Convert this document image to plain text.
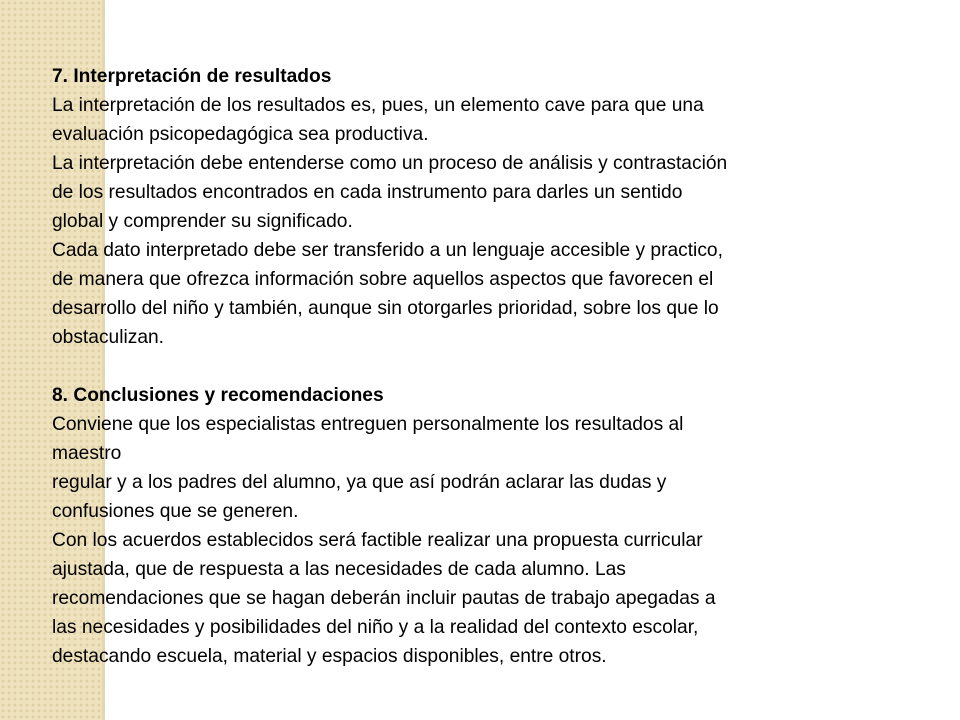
7. Interpretación de resultados

La interpretación de los resultados es, pues, un elemento cave para que una

evaluación psicopedagógica sea productiva.

La interpretación debe entenderse como un proceso de análisis y contrastación

de los resultados encontrados en cada instrumento para darles un sentido

global y comprender su significado.

Cada dato interpretado debe ser transferido a un lenguaje accesible y practico,

de manera que ofrezca información sobre aquellos aspectos que favorecen el

desarrollo del niño y también, aunque sin otorgarles prioridad, sobre los que lo

obstaculizan.

8. Conclusiones y recomendaciones

Conviene que los especialistas entreguen personalmente los resultados al

maestro

regular y a los padres del alumno, ya que así podrán aclarar las dudas y

confusiones que se generen.

Con los acuerdos establecidos será factible realizar una propuesta curricular

ajustada, que de respuesta a las necesidades de cada alumno. Las

recomendaciones que se hagan deberán incluir pautas de trabajo apegadas a

las necesidades y posibilidades del niño y a la realidad del contexto escolar,

destacando escuela, material y espacios disponibles, entre otros.
